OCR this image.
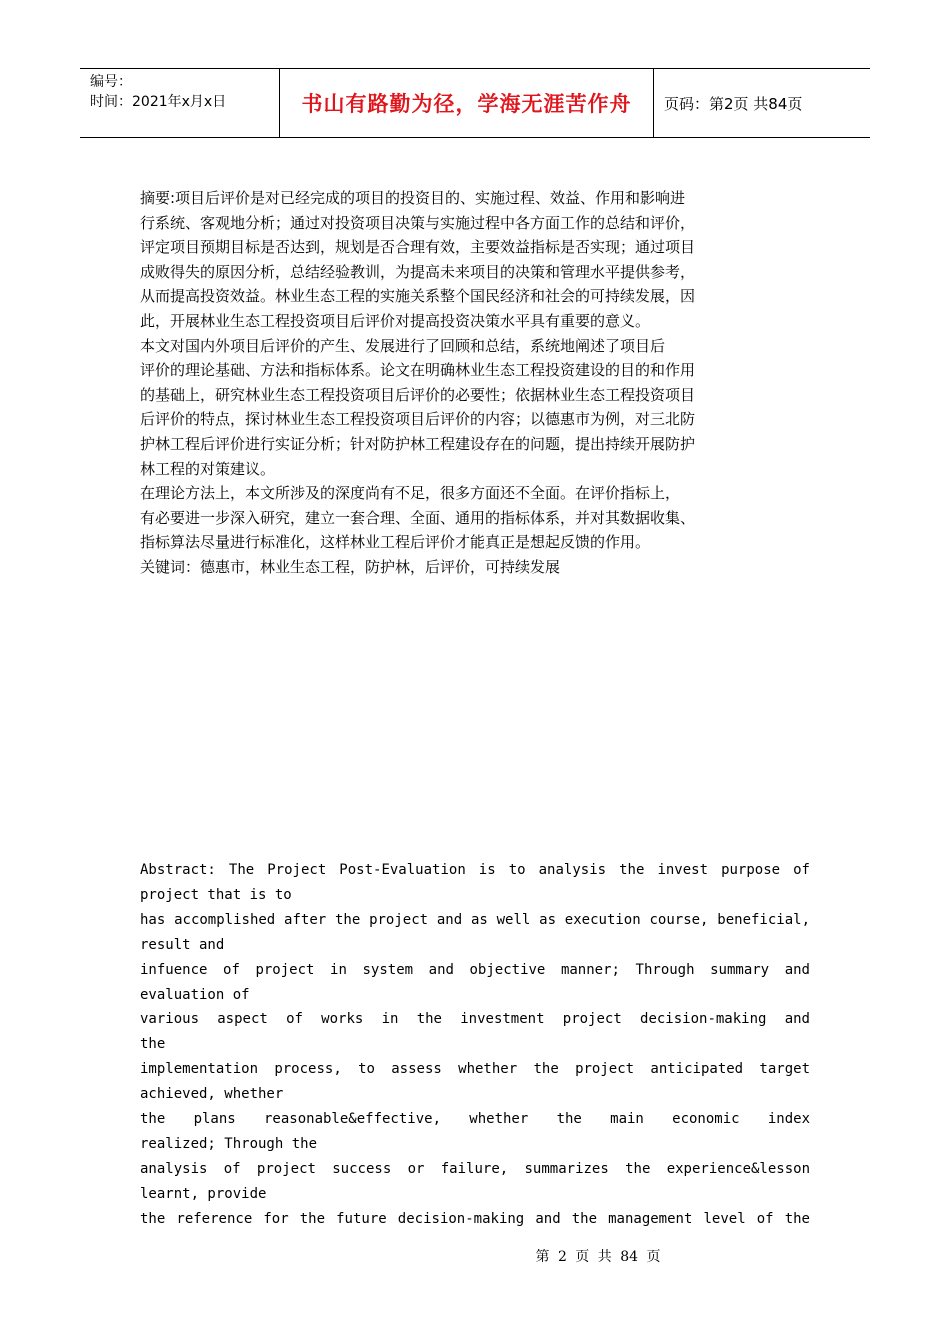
编号：
时间：2021年x月x日	书山有路勤为径，学海无涯苦作舟	页码：第2页 共84页

摘要:项目后评价是对已经完成的项目的投资目的、实施过程、效益、作用和影响进

行系统、客观地分析；通过对投资项目决策与实施过程中各方面工作的总结和评价，

评定项目预期目标是否达到，规划是否合理有效，主要效益指标是否实现；通过项目

成败得失的原因分析，总结经验教训，为提高未来项目的决策和管理水平提供参考，

从而提高投资效益。林业生态工程的实施关系整个国民经济和社会的可持续发展，因

此，开展林业生态工程投资项目后评价对提高投资决策水平具有重要的意义。

本文对国内外项目后评价的产生、发展进行了回顾和总结，系统地阐述了项目后

评价的理论基础、方法和指标体系。论文在明确林业生态工程投资建设的目的和作用

的基础上，研究林业生态工程投资项目后评价的必要性；依据林业生态工程投资项目

后评价的特点，探讨林业生态工程投资项目后评价的内容；以德惠市为例，对三北防

护林工程后评价进行实证分析；针对防护林工程建设存在的问题，提出持续开展防护

林工程的对策建议。

在理论方法上，本文所涉及的深度尚有不足，很多方面还不全面。在评价指标上，

有必要进一步深入研究，建立一套合理、全面、通用的指标体系，并对其数据收集、

指标算法尽量进行标准化，这样林业工程后评价才能真正是想起反馈的作用。

关键词：德惠市，林业生态工程，防护林，后评价，可持续发展

Abstract: The Project Post-Evaluation is to analysis the invest purpose of

project that is to

has accomplished after the project and as well as execution course, beneficial,

result and

infuence of project in system and objective manner; Through summary and

evaluation of

various aspect of works in the investment project decision-making and

the

implementation process, to assess whether the project anticipated target

achieved, whether

the plans reasonable&effective, whether the main economic index

realized; Through the

analysis of project success or failure, summarizes the experience&lesson

learnt, provide

the reference for the future decision-making and the management level of the

第 2 页 共 84 页
